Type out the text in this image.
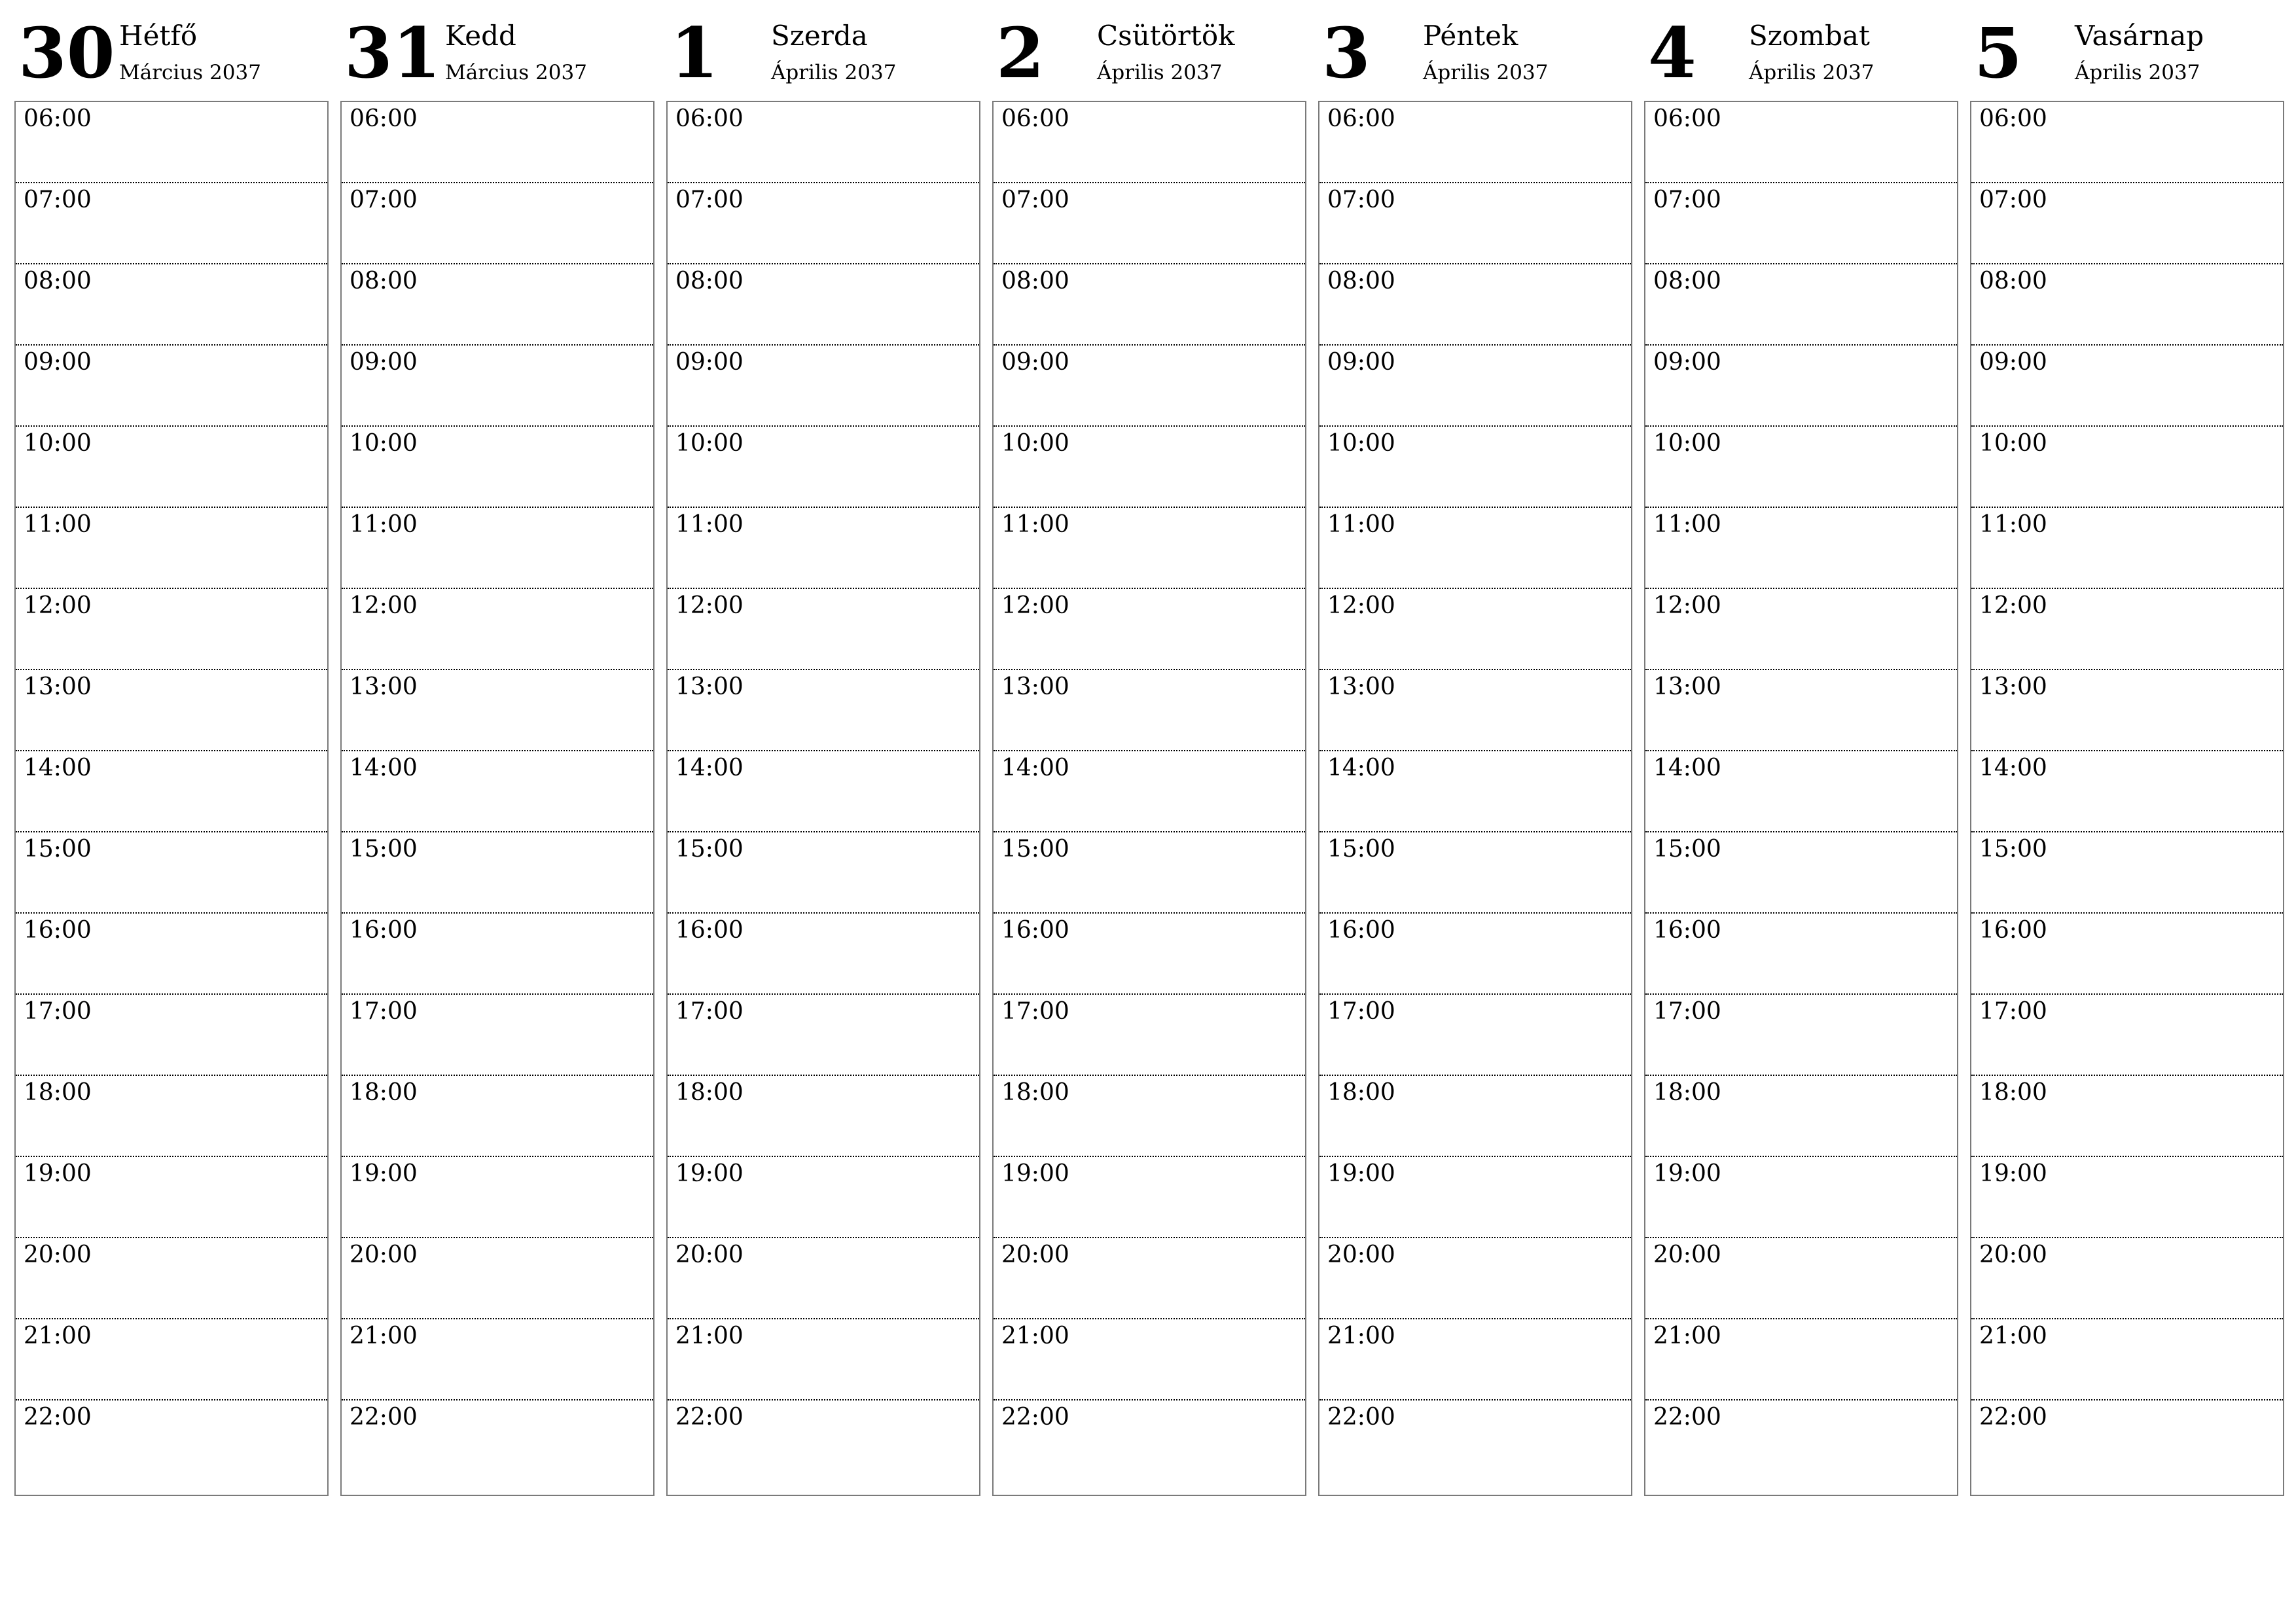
30 Hétfő
Március 2037
06:00
07:00
08:00
09:00
10:00
11:00
12:00
13:00
14:00
15:00
16:00
17:00
18:00
19:00
20:00
21:00
22:00
31 Kedd
Március 2037
06:00
07:00
08:00
09:00
10:00
11:00
12:00
13:00
14:00
15:00
16:00
17:00
18:00
19:00
20:00
21:00
22:00
1 Szerda
Április 2037
06:00
07:00
08:00
09:00
10:00
11:00
12:00
13:00
14:00
15:00
16:00
17:00
18:00
19:00
20:00
21:00
22:00
2 Csütörtök
Április 2037
06:00
07:00
08:00
09:00
10:00
11:00
12:00
13:00
14:00
15:00
16:00
17:00
18:00
19:00
20:00
21:00
22:00
3 Péntek
Április 2037
06:00
07:00
08:00
09:00
10:00
11:00
12:00
13:00
14:00
15:00
16:00
17:00
18:00
19:00
20:00
21:00
22:00
4 Szombat
Április 2037
06:00
07:00
08:00
09:00
10:00
11:00
12:00
13:00
14:00
15:00
16:00
17:00
18:00
19:00
20:00
21:00
22:00
5 Vasárnap
Április 2037
06:00
07:00
08:00
09:00
10:00
11:00
12:00
13:00
14:00
15:00
16:00
17:00
18:00
19:00
20:00
21:00
22:00
